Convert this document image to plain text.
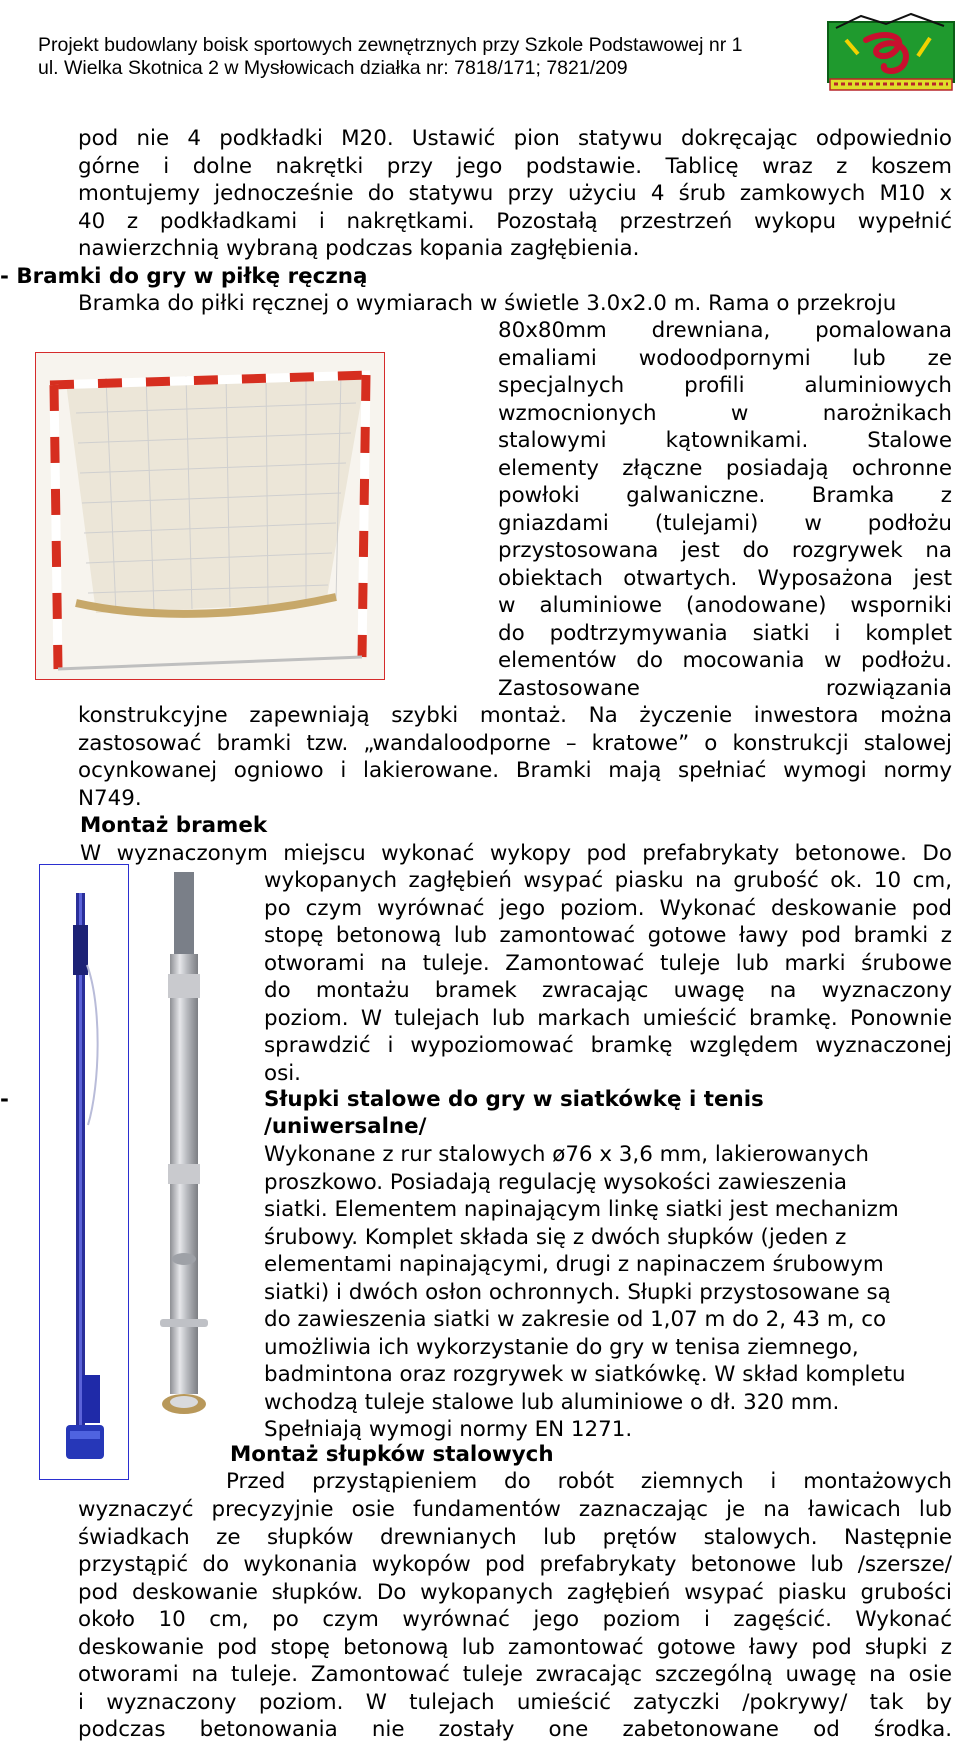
Projekt budowlany boisk sportowych zewnętrznych przy Szkole Podstawowej nr 1
ul. Wielka Skotnica 2 w Mysłowicach działka nr: 7818/171; 7821/209
pod nie 4 podkładki M20. Ustawić pion statywu dokręcając odpowiednio
górne i dolne nakrętki przy jego podstawie. Tablicę wraz z koszem
montujemy jednocześnie do statywu przy użyciu 4 śrub zamkowych M10 x
40 z podkładkami i nakrętkami. Pozostałą przestrzeń wykopu wypełnić
nawierzchnią wybraną podczas kopania zagłębienia.
- Bramki do gry w piłkę ręczną
Bramka do piłki ręcznej o wymiarach w świetle 3.0x2.0 m. Rama o przekroju
80x80mm drewniana, pomalowana
emaliami wodoodpornymi lub ze
specjalnych profili aluminiowych
wzmocnionych w narożnikach
stalowymi kątownikami. Stalowe
elementy złączne posiadają ochronne
powłoki galwaniczne. Bramka z
gniazdami (tulejami) w podłożu
przystosowana jest do rozgrywek na
obiektach otwartych. Wyposażona jest
w aluminiowe (anodowane) wsporniki
do podtrzymywania siatki i komplet
elementów do mocowania w podłożu.
Zastosowane rozwiązania
konstrukcyjne zapewniają szybki montaż. Na życzenie inwestora można
zastosować bramki tzw. „wandaloodporne – kratowe” o konstrukcji stalowej
ocynkowanej ogniowo i lakierowane. Bramki mają spełniać wymogi normy
N749.
Montaż bramek
W wyznaczonym miejscu wykonać wykopy pod prefabrykaty betonowe. Do
wykopanych zagłębień wsypać piasku na grubość ok. 10 cm,
po czym wyrównać jego poziom. Wykonać deskowanie pod
stopę betonową lub zamontować gotowe ławy pod bramki z
otworami na tuleje. Zamontować tuleje lub marki śrubowe
do montażu bramek zwracając uwagę na wyznaczony
poziom. W tulejach lub markach umieścić bramkę. Ponownie
sprawdzić i wypoziomować bramkę względem wyznaczonej
osi.
-	Słupki stalowe do gry w siatkówkę i tenis
/uniwersalne/
Wykonane z rur stalowych ø76 x 3,6 mm, lakierowanych
proszkowo. Posiadają regulację wysokości zawieszenia
siatki. Elementem napinającym linkę siatki jest mechanizm
śrubowy. Komplet składa się z dwóch słupków (jeden z
elementami napinającymi, drugi z napinaczem śrubowym
siatki) i dwóch osłon ochronnych. Słupki przystosowane są
do zawieszenia siatki w zakresie od 1,07 m do 2, 43 m, co
umożliwia ich wykorzystanie do gry w tenisa ziemnego,
badmintona oraz rozgrywek w siatkówkę. W skład kompletu
wchodzą tuleje stalowe lub aluminiowe o dł. 320 mm.
Spełniają wymogi normy EN 1271.
Montaż słupków stalowych
Przed przystąpieniem do robót ziemnych i montażowych
wyznaczyć precyzyjnie osie fundamentów zaznaczając je na ławicach lub
świadkach ze słupków drewnianych lub prętów stalowych. Następnie
przystąpić do wykonania wykopów pod prefabrykaty betonowe lub /szersze/
pod deskowanie słupków. Do wykopanych zagłębień wsypać piasku grubości
około 10 cm, po czym wyrównać jego poziom i zagęścić. Wykonać
deskowanie pod stopę betonową lub zamontować gotowe ławy pod słupki z
otworami na tuleje. Zamontować tuleje zwracając szczególną uwagę na osie
i wyznaczony poziom. W tulejach umieścić zatyczki /pokrywy/ tak by
podczas betonowania nie zostały one zabetonowane od środka.
